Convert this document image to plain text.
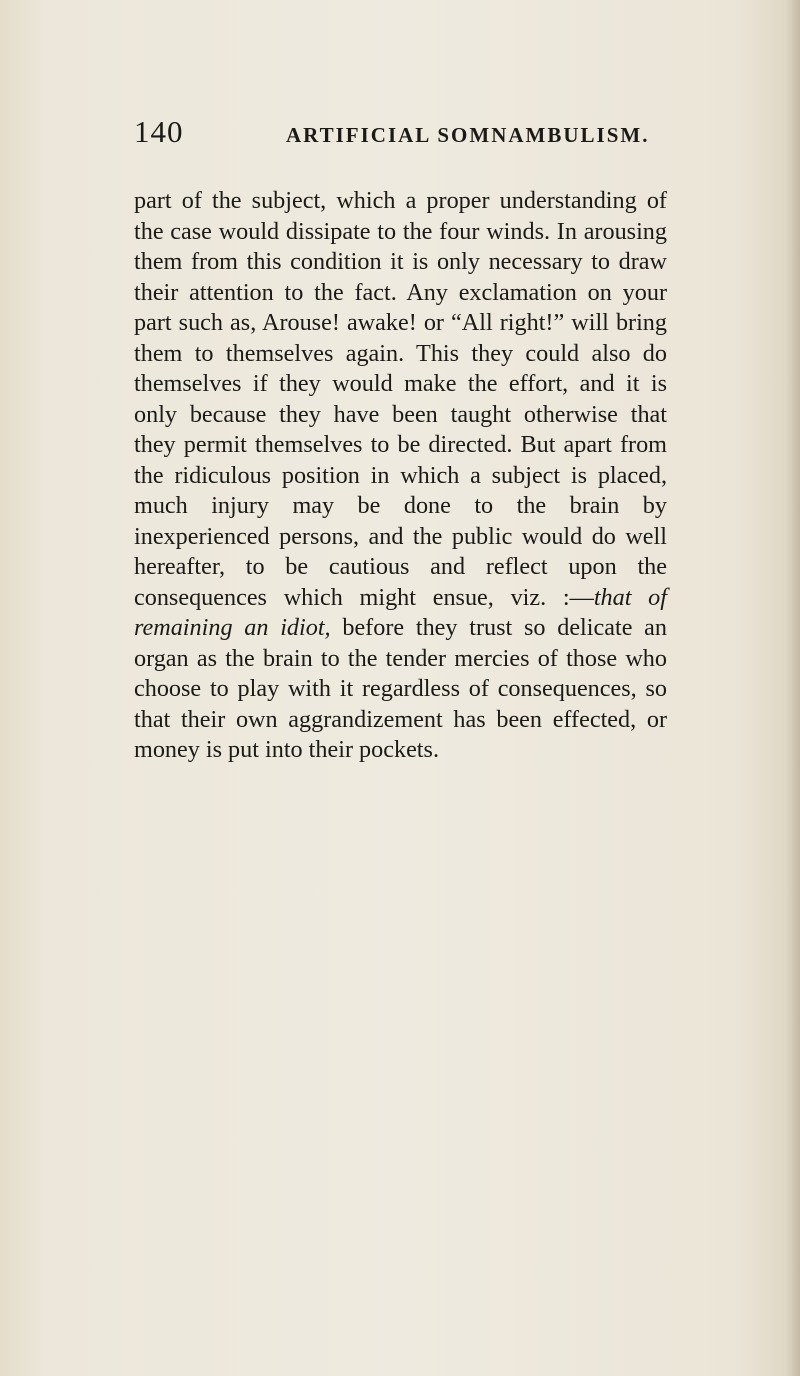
140	ARTIFICIAL SOMNAMBULISM.

part of the subject, which a proper understanding of the case would dissipate to the four winds. In arousing them from this condition it is only necessary to draw their attention to the fact. Any exclamation on your part such as, Arouse! awake! or “All right!” will bring them to themselves again. This they could also do themselves if they would make the effort, and it is only because they have been taught otherwise that they permit themselves to be directed. But apart from the ridiculous position in which a subject is placed, much injury may be done to the brain by inexperienced persons, and the public would do well hereafter, to be cautious and reflect upon the consequences which might ensue, viz. :—that of remaining an idiot, before they trust so delicate an organ as the brain to the tender mercies of those who choose to play with it regardless of consequences, so that their own aggrandizement has been effected, or money is put into their pockets.
